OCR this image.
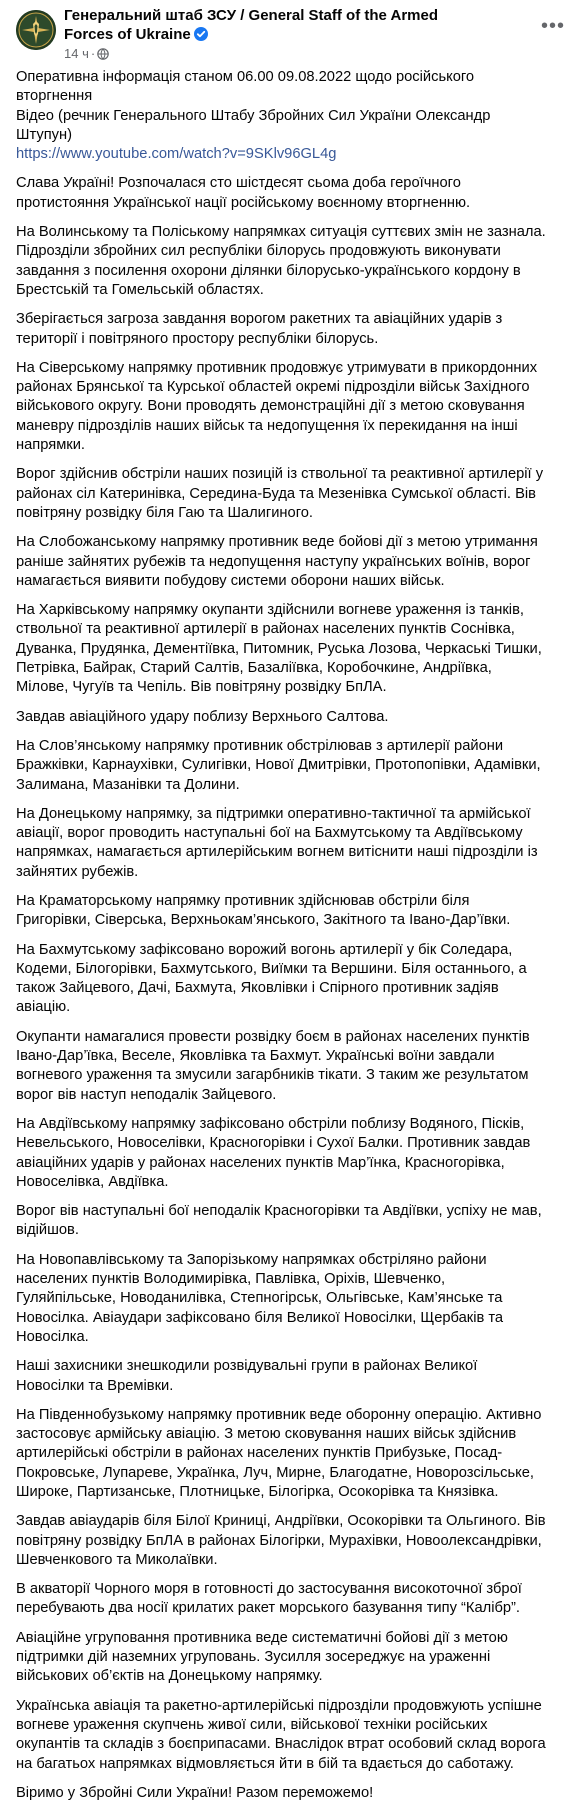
Генеральний штаб ЗСУ / General Staff of the Armed Forces of Ukraine
14 ч ·
•••

Оперативна інформація станом 06.00 09.08.2022 щодо російського вторгнення
Відео (речник Генерального Штабу Збройних Сил України Олександр Штупун)
https://www.youtube.com/watch?v=9SKlv96GL4g

Слава Україні! Розпочалася сто шістдесят сьома доба героїчного протистояння Української нації російському воєнному вторгненню.

На Волинському та Поліському напрямках ситуація суттєвих змін не зазнала. Підрозділи збройних сил республіки білорусь продовжують виконувати завдання з посилення охорони ділянки білорусько-українського кордону в Брестській та Гомельській областях.

Зберігається загроза завдання ворогом ракетних та авіаційних ударів з території і повітряного простору республіки білорусь.

На Сіверському напрямку противник продовжує утримувати в прикордонних районах Брянської та Курської областей окремі підрозділи військ Західного військового округу. Вони проводять демонстраційні дії з метою сковування маневру підрозділів наших військ та недопущення їх перекидання на інші напрямки.

Ворог здійснив обстріли наших позицій із ствольної та реактивної артилерії у районах сіл Катеринівка, Середина-Буда та Мезенівка Сумської області. Вів повітряну розвідку біля Гаю та Шалигиного.

На Слобожанському напрямку противник веде бойові дії з метою утримання раніше зайнятих рубежів та недопущення наступу українських воїнів, ворог намагається виявити побудову системи оборони наших військ.

На Харківському напрямку окупанти здійснили вогневе ураження із танків, ствольної та реактивної артилерії в районах населених пунктів Соснівка, Дуванка, Прудянка, Дементіївка, Питомник, Руська Лозова, Черкаські Тишки, Петрівка, Байрак, Старий Салтів, Базаліївка, Коробочкине, Андріївка, Мілове, Чугуїв та Чепіль. Вів повітряну розвідку БпЛА.

Завдав авіаційного удару поблизу Верхнього Салтова.

На Слов’янському напрямку противник обстрілював з артилерії райони Бражківки, Карнаухівки, Сулигівки, Нової Дмитрівки, Протопопівки, Адамівки, Залимана, Мазанівки та Долини.

На Донецькому напрямку, за підтримки оперативно-тактичної та армійської авіації, ворог проводить наступальні бої на Бахмутському та Авдіївському напрямках, намагається артилерійським вогнем витіснити наші підрозділи із зайнятих рубежів.

На Краматорському напрямку противник здійснював обстріли біля Григорівки, Сіверська, Верхньокам’янського, Закітного та Івано-Дар’ївки.

На Бахмутському зафіксовано ворожий вогонь артилерії у бік Соледара, Кодеми, Білогорівки, Бахмутського, Виїмки та Вершини. Біля останнього, а також Зайцевого, Дачі, Бахмута, Яковлівки і Спірного противник задіяв авіацію.

Окупанти намагалися провести розвідку боєм в районах населених пунктів Івано-Дар’ївка, Веселе, Яковлівка та Бахмут. Українські воїни завдали вогневого ураження та змусили загарбників тікати. З таким же результатом ворог вів наступ неподалік Зайцевого.

На Авдіївському напрямку зафіксовано обстріли поблизу Водяного, Пісків, Невельського, Новоселівки, Красногорівки і Сухої Балки. Противник завдав авіаційних ударів у районах населених пунктів Мар’їнка, Красногорівка, Новоселівка, Авдіївка.

Ворог вів наступальні бої неподалік Красногорівки та Авдіївки, успіху не мав, відійшов.

На Новопавлівському та Запорізькому напрямках обстріляно райони населених пунктів Володимирівка, Павлівка, Оріхів, Шевченко, Гуляйпільське, Новоданилівка, Степногірськ, Ольгівське, Кам’янське та Новосілка. Авіаудари зафіксовано біля Великої Новосілки, Щербаків та Новосілка.

Наші захисники знешкодили розвідувальні групи в районах Великої Новосілки та Времівки.

На Південнобузькому напрямку противник веде оборонну операцію. Активно застосовує армійську авіацію. З метою сковування наших військ здійснив артилерійські обстріли в районах населених пунктів Прибузьке, Посад-Покровське, Лупареве, Українка, Луч, Мирне, Благодатне, Новорозсільське, Широке, Партизанське, Плотницьке, Білогірка, Осокорівка та Князівка.

Завдав авіаударів біля Білої Криниці, Андріївки, Осокорівки та Ольгиного. Вів повітряну розвідку БпЛА в районах Білогірки, Мурахівки, Новоолександрівки, Шевченкового та Миколаївки.

В акваторії Чорного моря в готовності до застосування високоточної зброї перебувають два носії крилатих ракет морського базування типу “Калібр”.

Авіаційне угруповання противника веде систематичні бойові дії з метою підтримки дій наземних угруповань. Зусилля зосереджує на ураженні військових об’єктів на Донецькому напрямку.

Українська авіація та ракетно-артилерійські підрозділи продовжують успішне вогневе ураження скупчень живої сили, військової техніки російських окупантів та складів з боєприпасами. Внаслідок втрат особовий склад ворога на багатьох напрямках відмовляється йти в бій та вдається до саботажу.

Віримо у Збройні Сили України! Разом переможемо!
